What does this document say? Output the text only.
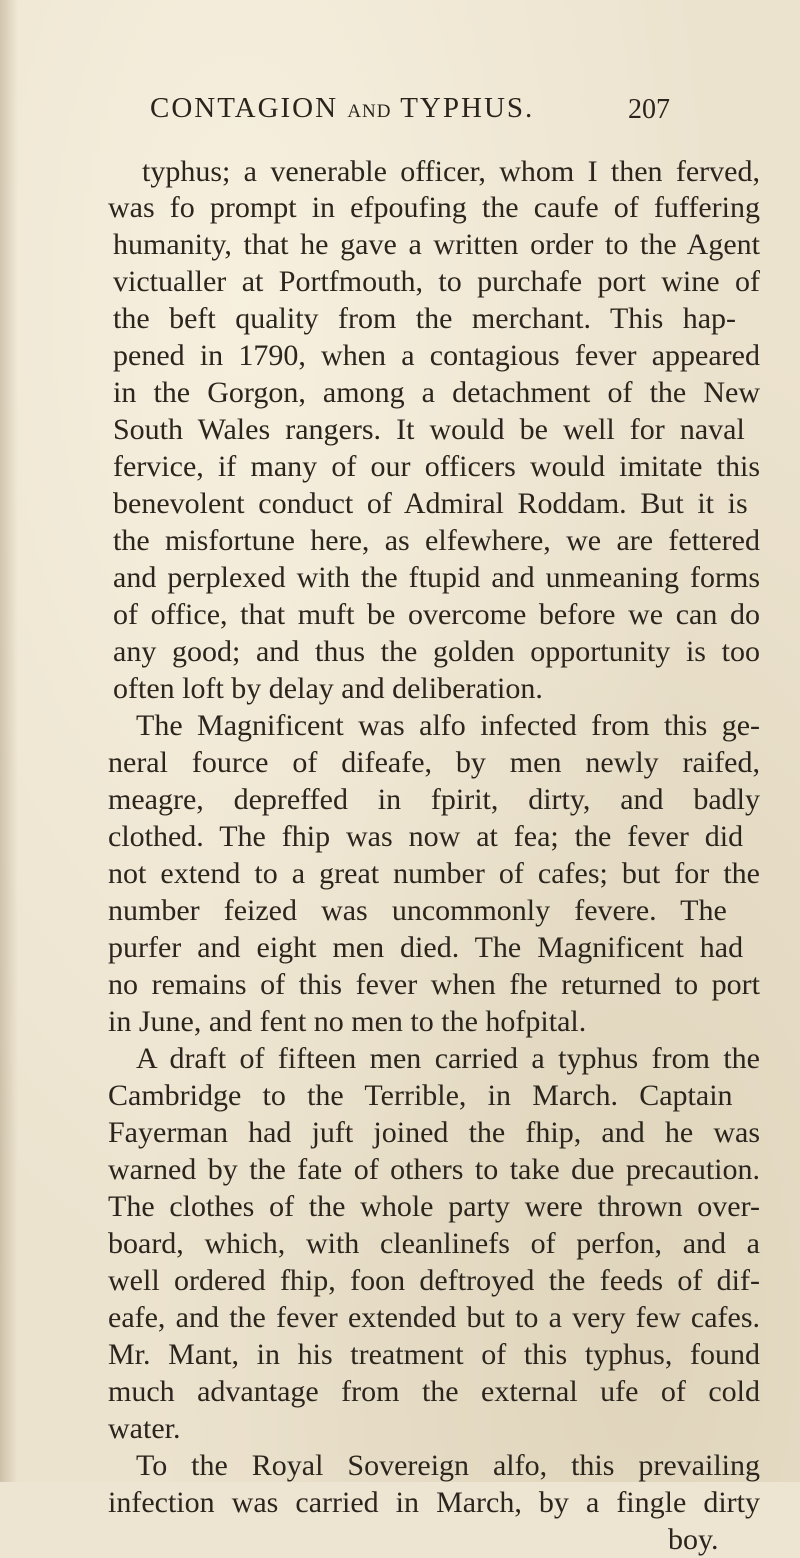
CONTAGION AND TYPHUS.	207
typhus; a venerable officer, whom I then ferved,
was fo prompt in efpoufing the caufe of fuffering
humanity, that he gave a written order to the Agent
victualler at Portfmouth, to purchafe port wine of
the beft quality from the merchant. This hap-
pened in 1790, when a contagious fever appeared
in the Gorgon, among a detachment of the New
South Wales rangers. It would be well for naval
fervice, if many of our officers would imitate this
benevolent conduct of Admiral Roddam. But it is
the misfortune here, as elfewhere, we are fettered
and perplexed with the ftupid and unmeaning forms
of office, that muft be overcome before we can do
any good; and thus the golden opportunity is too
often loft by delay and deliberation.
The Magnificent was alfo infected from this ge-
neral fource of difeafe, by men newly raifed,
meagre, depreffed in fpirit, dirty, and badly
clothed. The fhip was now at fea; the fever did
not extend to a great number of cafes; but for the
number feized was uncommonly fevere. The
purfer and eight men died. The Magnificent had
no remains of this fever when fhe returned to port
in June, and fent no men to the hofpital.
A draft of fifteen men carried a typhus from the
Cambridge to the Terrible, in March. Captain
Fayerman had juft joined the fhip, and he was
warned by the fate of others to take due precaution.
The clothes of the whole party were thrown over-
board, which, with cleanlinefs of perfon, and a
well ordered fhip, foon deftroyed the feeds of dif-
eafe, and the fever extended but to a very few cafes.
Mr. Mant, in his treatment of this typhus, found
much advantage from the external ufe of cold
water.
To the Royal Sovereign alfo, this prevailing
infection was carried in March, by a fingle dirty
boy.
